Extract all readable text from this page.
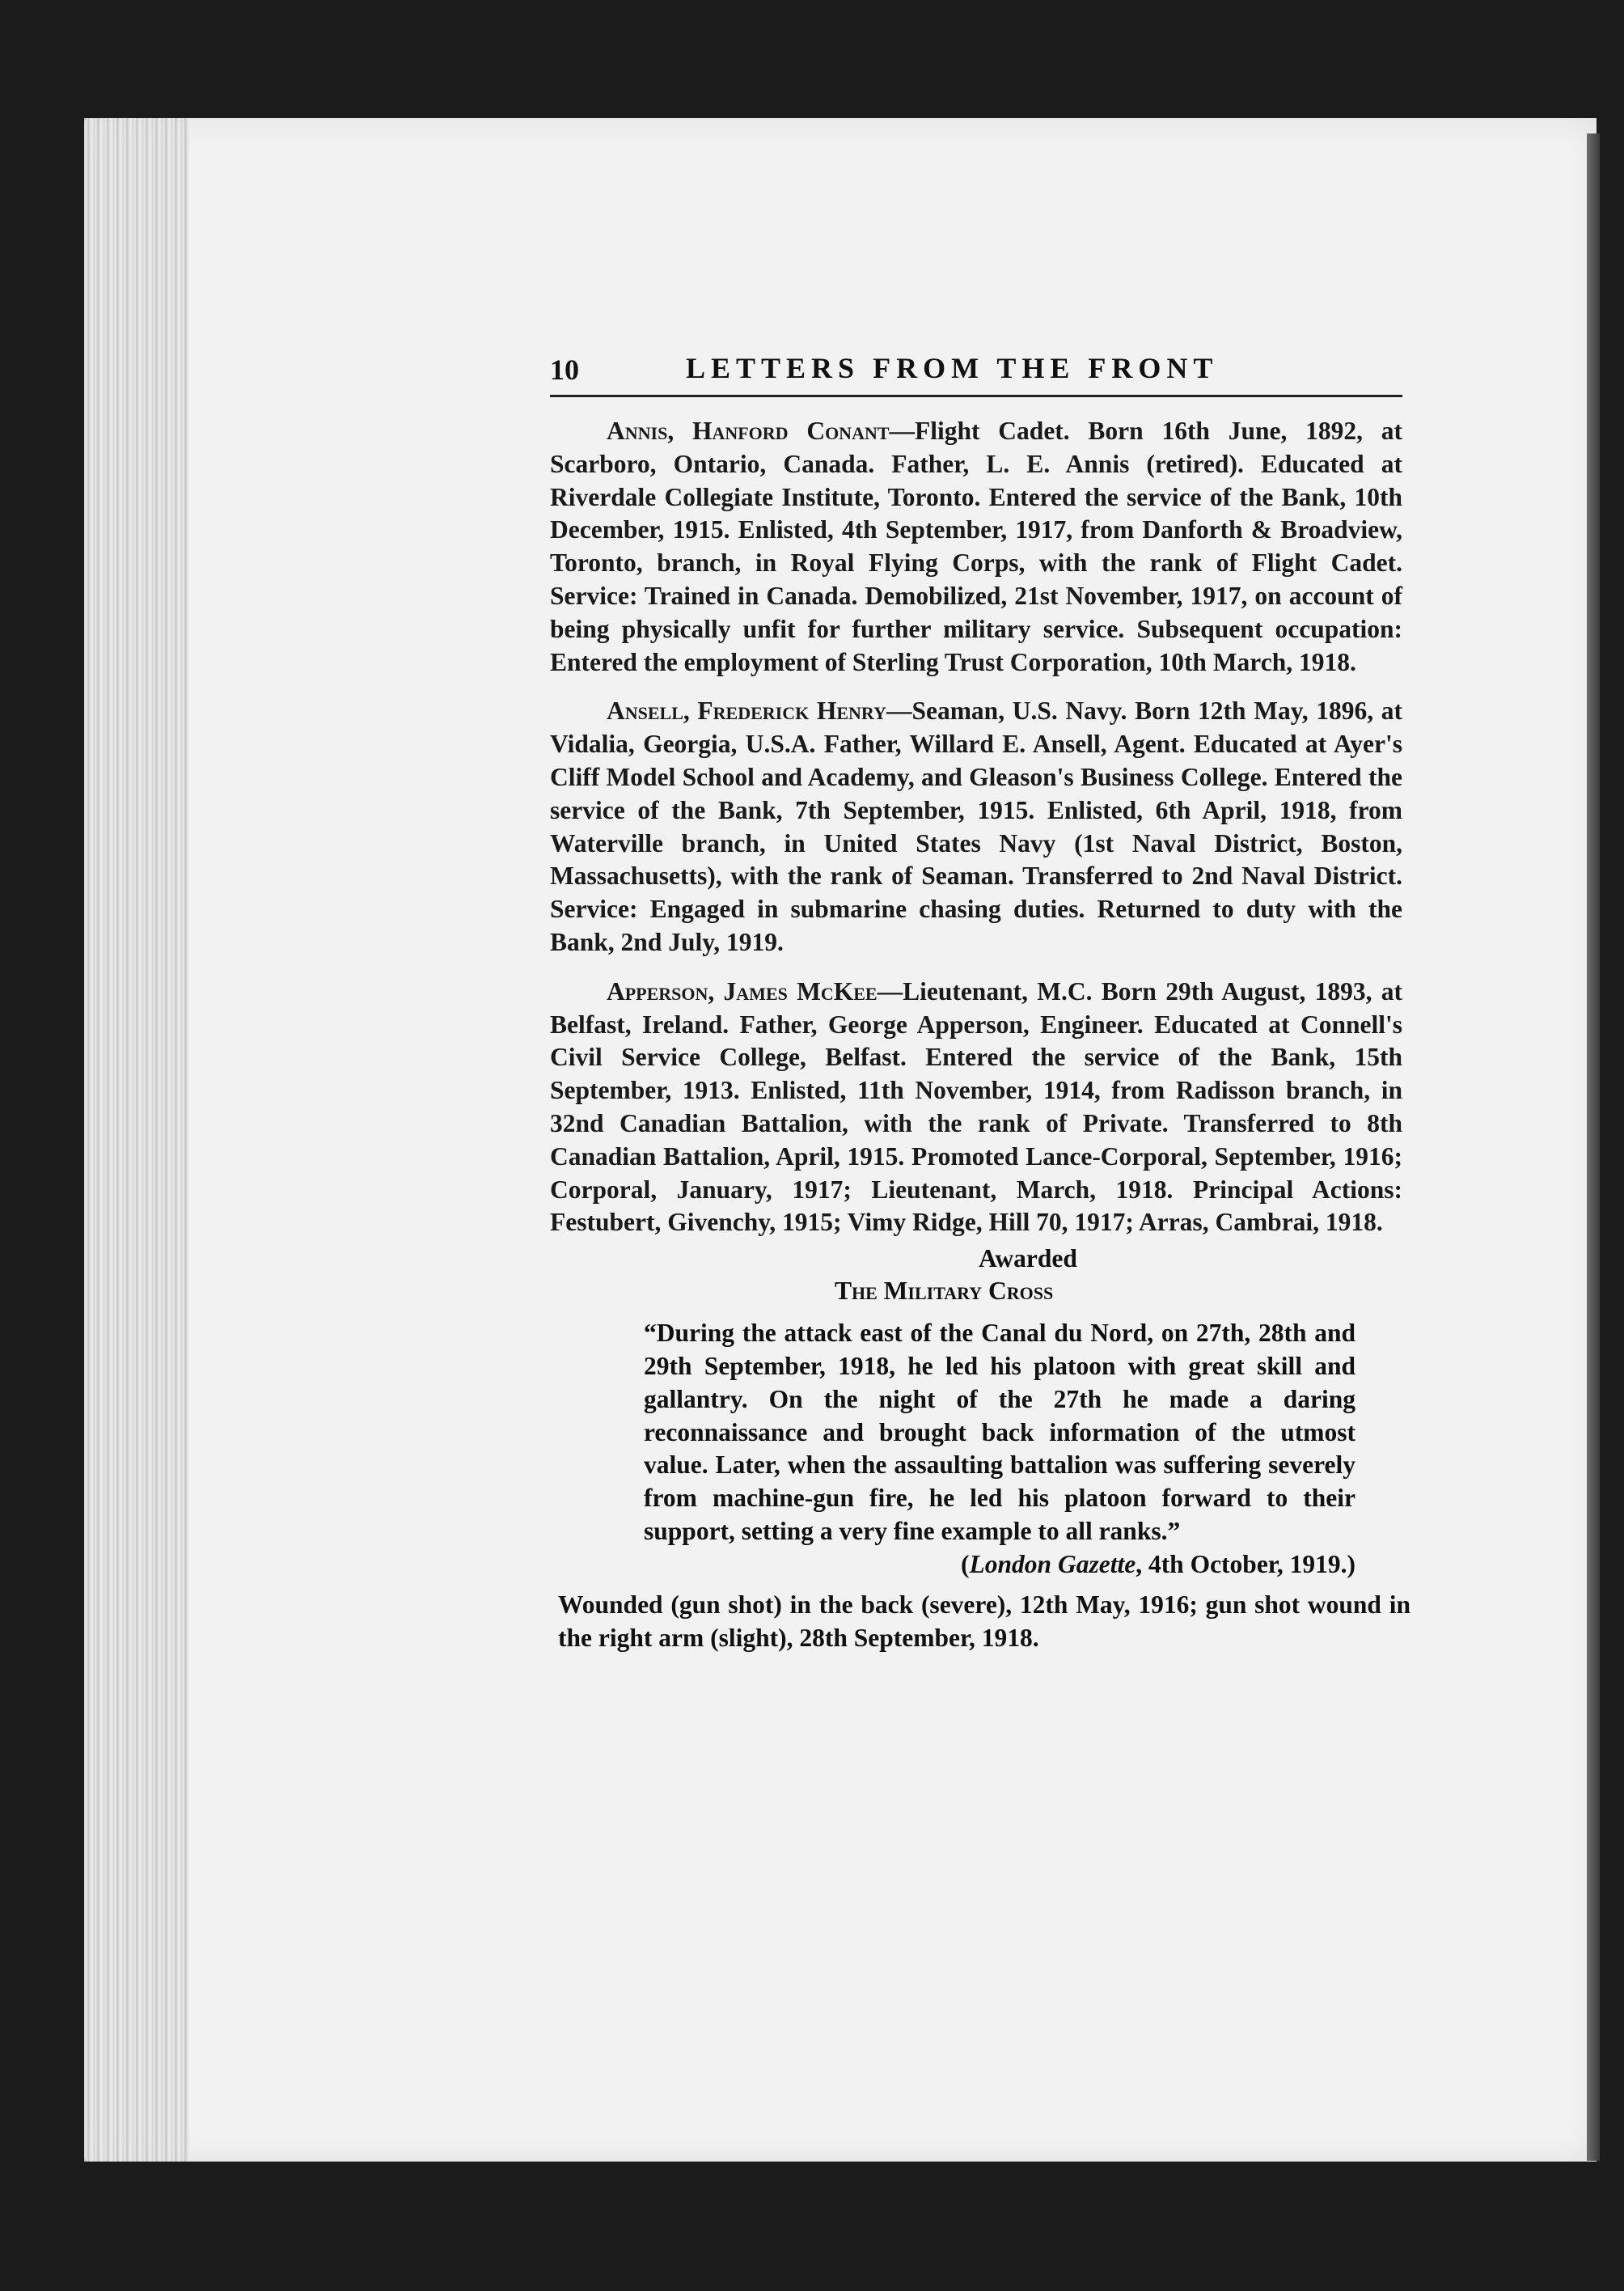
10	LETTERS FROM THE FRONT

Annis, Hanford Conant—Flight Cadet. Born 16th June, 1892, at Scarboro, Ontario, Canada. Father, L. E. Annis (retired). Educated at Riverdale Collegiate Institute, Toronto. Entered the service of the Bank, 10th December, 1915. Enlisted, 4th September, 1917, from Danforth & Broadview, Toronto, branch, in Royal Flying Corps, with the rank of Flight Cadet. Service: Trained in Canada. Demobilized, 21st November, 1917, on account of being physically unfit for further military service. Subsequent occupation: Entered the employment of Sterling Trust Corporation, 10th March, 1918.

Ansell, Frederick Henry—Seaman, U.S. Navy. Born 12th May, 1896, at Vidalia, Georgia, U.S.A. Father, Willard E. Ansell, Agent. Educated at Ayer's Cliff Model School and Academy, and Gleason's Business College. Entered the service of the Bank, 7th September, 1915. Enlisted, 6th April, 1918, from Waterville branch, in United States Navy (1st Naval District, Boston, Massachusetts), with the rank of Seaman. Transferred to 2nd Naval District. Service: Engaged in submarine chasing duties. Returned to duty with the Bank, 2nd July, 1919.

Apperson, James McKee—Lieutenant, M.C. Born 29th August, 1893, at Belfast, Ireland. Father, George Apperson, Engineer. Educated at Connell's Civil Service College, Belfast. Entered the service of the Bank, 15th September, 1913. Enlisted, 11th November, 1914, from Radisson branch, in 32nd Canadian Battalion, with the rank of Private. Transferred to 8th Canadian Battalion, April, 1915. Promoted Lance-Corporal, September, 1916; Corporal, January, 1917; Lieutenant, March, 1918. Principal Actions: Festubert, Givenchy, 1915; Vimy Ridge, Hill 70, 1917; Arras, Cambrai, 1918.

Awarded

The Military Cross

“During the attack east of the Canal du Nord, on 27th, 28th and 29th September, 1918, he led his platoon with great skill and gallantry. On the night of the 27th he made a daring reconnaissance and brought back information of the utmost value. Later, when the assaulting battalion was suffering severely from machine-gun fire, he led his platoon forward to their support, setting a very fine example to all ranks.”

(London Gazette, 4th October, 1919.)

Wounded (gun shot) in the back (severe), 12th May, 1916; gun shot wound in the right arm (slight), 28th September, 1918.
